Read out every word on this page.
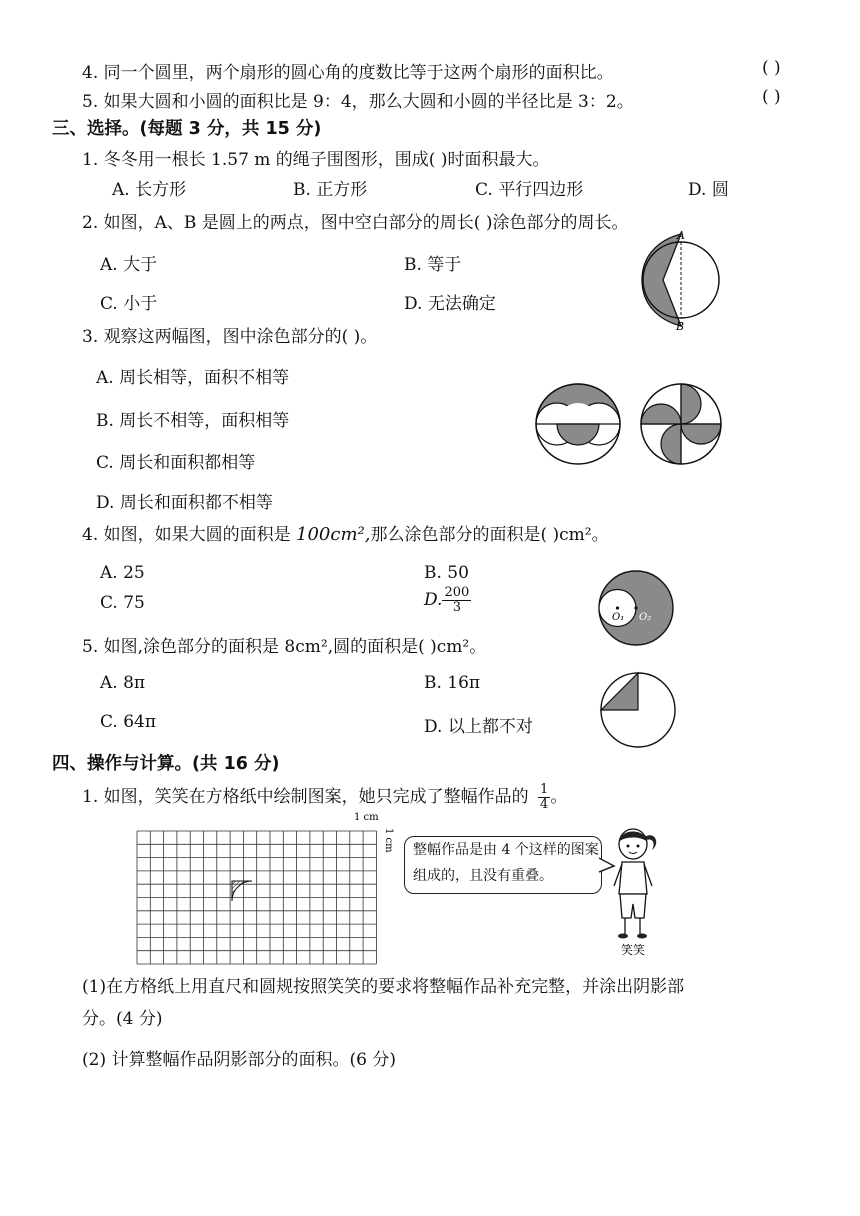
4. 同一个圆里，两个扇形的圆心角的度数比等于这两个扇形的面积比。	( )
5. 如果大圆和小圆的面积比是 9：4，那么大圆和小圆的半径比是 3：2。	( )
三、选择。(每题 3 分，共 15 分)
1. 冬冬用一根长 1.57 m 的绳子围图形，围成( )时面积最大。
A. 长方形	B. 正方形	C. 平行四边形	D. 圆
2. 如图，A、B 是圆上的两点，图中空白部分的周长( )涂色部分的周长。
A. 大于	B. 等于
C. 小于	D. 无法确定
A
B
3. 观察这两幅图，图中涂色部分的( )。
A. 周长相等，面积不相等
B. 周长不相等，面积相等
C. 周长和面积都相等
D. 周长和面积都不相等
4. 如图，如果大圆的面积是 100cm²,那么涂色部分的面积是( )cm²。
A. 25	B. 50
C. 75	D. $\frac{200}{3}$
O₁ O₂
5. 如图,涂色部分的面积是 8cm²,圆的面积是( )cm²。
A. 8π	B. 16π
C. 64π	D. 以上都不对
四、操作与计算。(共 16 分)
1. 如图，笑笑在方格纸中绘制图案，她只完成了整幅作品的 $\frac{1}{4}$ 。
1 cm
1 cm	整幅作品是由 4 个这样的图案
组成的，且没有重叠。
笑笑
(1)在方格纸上用直尺和圆规按照笑笑的要求将整幅作品补充完整，并涂出阴影部
分。(4 分)
(2) 计算整幅作品阴影部分的面积。(6 分)
